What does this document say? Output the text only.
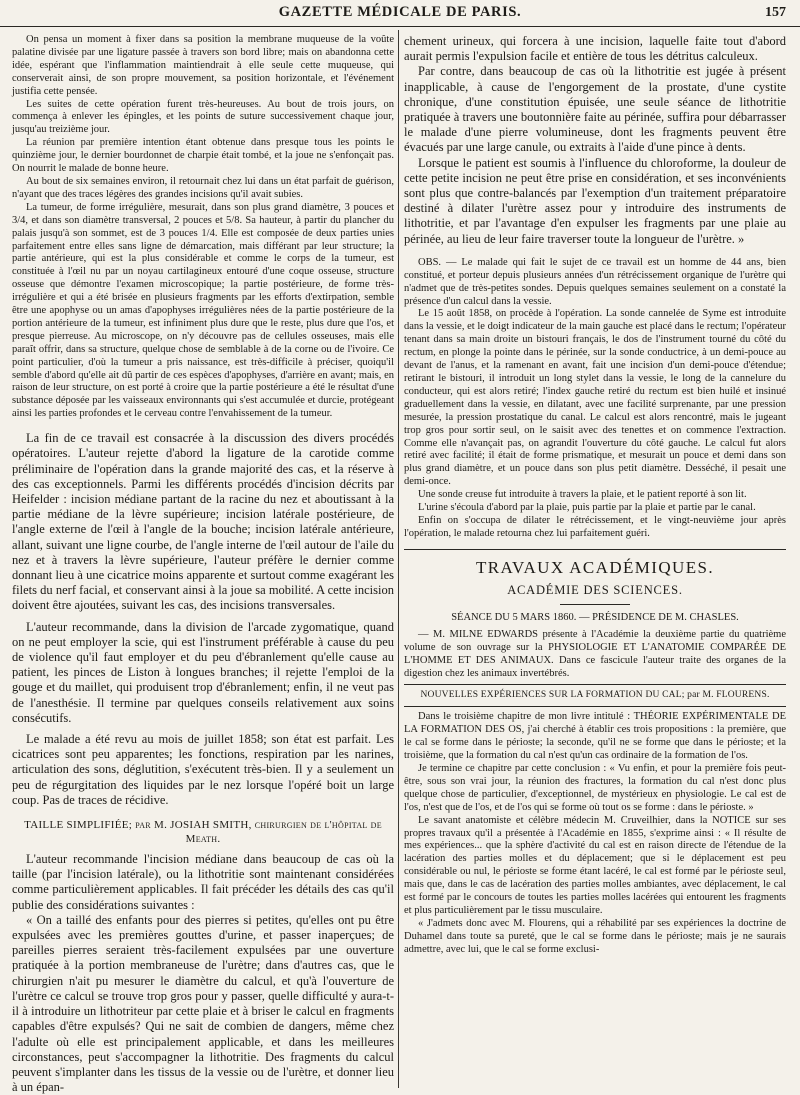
GAZETTE MÉDICALE DE PARIS.	157

On pensa un moment à fixer dans sa position la membrane muqueuse de la voûte palatine divisée par une ligature passée à travers son bord libre; mais on abandonna cette idée, espérant que l'inflammation maintiendrait à elle seule cette muqueuse, qui conserverait ainsi, de son propre mouvement, sa position horizontale, et l'événement justifia cette pensée.

Les suites de cette opération furent très-heureuses. Au bout de trois jours, on commença à enlever les épingles, et les points de suture successivement chaque jour, jusqu'au treizième jour.

La réunion par première intention étant obtenue dans presque tous les points le quinzième jour, le dernier bourdonnet de charpie était tombé, et la joue ne s'enfonçait pas. On nourrit le malade de bonne heure.

Au bout de six semaines environ, il retournait chez lui dans un état parfait de guérison, n'ayant que des traces légères des grandes incisions qu'il avait subies.

La tumeur, de forme irrégulière, mesurait, dans son plus grand diamètre, 3 pouces et 3/4, et dans son diamètre transversal, 2 pouces et 5/8. Sa hauteur, à partir du plancher du palais jusqu'à son sommet, est de 3 pouces 1/4. Elle est composée de deux parties unies parfaitement entre elles sans ligne de démarcation, mais différant par leur structure; la partie antérieure, qui est la plus considérable et comme le corps de la tumeur, est constituée à l'œil nu par un noyau cartilagineux entouré d'une coque osseuse, structure osseuse que démontre l'examen microscopique; la partie postérieure, de forme très-irrégulière et qui a été brisée en plusieurs fragments par les efforts d'extirpation, semble être une apophyse ou un amas d'apophyses irrégulières nées de la partie postérieure de la portion antérieure de la tumeur, est infiniment plus dure que le reste, plus dure que l'os, et presque pierreuse. Au microscope, on n'y découvre pas de cellules osseuses, mais elle paraît offrir, dans sa structure, quelque chose de semblable à de la corne ou de l'ivoire. Ce point particulier, d'où la tumeur a pris naissance, est très-difficile à préciser, quoiqu'il semble d'abord qu'elle ait dû partir de ces espèces d'apophyses, d'arrière en avant; mais, en raison de leur structure, on est porté à croire que la partie postérieure a été le résultat d'une substance déposée par les vaisseaux environnants qui s'est accumulée et durcie, protégeant ainsi les parties profondes et le cerveau contre l'envahissement de la tumeur.

La fin de ce travail est consacrée à la discussion des divers procédés opératoires. L'auteur rejette d'abord la ligature de la carotide comme préliminaire de l'opération dans la grande majorité des cas, et la réserve à des cas exceptionnels. Parmi les différents procédés d'incision décrits par Heifelder : incision médiane partant de la racine du nez et aboutissant à la partie médiane de la lèvre supérieure; incision latérale postérieure, de l'angle externe de l'œil à l'angle de la bouche; incision latérale antérieure, allant, suivant une ligne courbe, de l'angle interne de l'œil autour de l'aile du nez et à travers la lèvre supérieure, l'auteur préfère le dernier comme donnant lieu à une cicatrice moins apparente et surtout comme exagérant les filets du nerf facial, et conservant ainsi à la joue sa mobilité. A cette incision doivent être ajoutées, suivant les cas, des incisions transversales.

L'auteur recommande, dans la division de l'arcade zygomatique, quand on ne peut employer la scie, qui est l'instrument préférable à cause du peu de violence qu'il faut employer et du peu d'ébranlement qu'elle cause au patient, les pinces de Liston à longues branches; il rejette l'emploi de la gouge et du maillet, qui produisent trop d'ébranlement; enfin, il ne veut pas de l'anesthésie. Il termine par quelques conseils relativement aux soins consécutifs.

Le malade a été revu au mois de juillet 1858; son état est parfait. Les cicatrices sont peu apparentes; les fonctions, respiration par les narines, articulation des sons, déglutition, s'exécutent très-bien. Il y a seulement un peu de régurgitation des liquides par le nez lorsque l'opéré boit un large coup. Pas de traces de récidive.

TAILLE SIMPLIFIÉE; par M. JOSIAH SMITH, chirurgien de l'hôpital de Meath.

L'auteur recommande l'incision médiane dans beaucoup de cas où la taille (par l'incision latérale), ou la lithotritie sont maintenant considérées comme particulièrement applicables. Il fait précéder les détails des cas qu'il publie des considérations suivantes :

« On a taillé des enfants pour des pierres si petites, qu'elles ont pu être expulsées avec les premières gouttes d'urine, et passer inaperçues; de pareilles pierres seraient très-facilement expulsées par une ouverture pratiquée à la portion membraneuse de l'urètre; dans d'autres cas, que le chirurgien n'ait pu mesurer le diamètre du calcul, et qu'à l'ouverture de l'urètre ce calcul se trouve trop gros pour y passer, quelle difficulté y aura-t-il à introduire un lithotriteur par cette plaie et à briser le calcul en fragments capables d'être expulsés? Qui ne sait de combien de dangers, même chez l'adulte où elle est principalement applicable, et dans les meilleures circonstances, peut s'accompagner la lithotritie. Des fragments du calcul peuvent s'implanter dans les tissus de la vessie ou de l'urètre, et donner lieu à un épan-

chement urineux, qui forcera à une incision, laquelle faite tout d'abord aurait permis l'expulsion facile et entière de tous les détritus calculeux.

Par contre, dans beaucoup de cas où la lithotritie est jugée à présent inapplicable, à cause de l'engorgement de la prostate, d'une cystite chronique, d'une constitution épuisée, une seule séance de lithotritie pratiquée à travers une boutonnière faite au périnée, suffira pour débarrasser le malade d'une pierre volumineuse, dont les fragments peuvent être évacués par une large canule, ou extraits à l'aide d'une pince à dents.

Lorsque le patient est soumis à l'influence du chloroforme, la douleur de cette petite incision ne peut être prise en considération, et ses inconvénients sont plus que contre-balancés par l'exemption d'un traitement préparatoire destiné à dilater l'urètre assez pour y introduire des instruments de lithotritie, et par l'avantage d'en expulser les fragments par une plaie au périnée, au lieu de leur faire traverser toute la longueur de l'urètre. »

OBS. — Le malade qui fait le sujet de ce travail est un homme de 44 ans, bien constitué, et porteur depuis plusieurs années d'un rétrécissement organique de l'urètre qui n'admet que de très-petites sondes. Depuis quelques semaines seulement on a constaté la présence d'un calcul dans la vessie.

Le 15 août 1858, on procède à l'opération. La sonde cannelée de Syme est introduite dans la vessie, et le doigt indicateur de la main gauche est placé dans le rectum; l'opérateur tenant dans sa main droite un bistouri français, le dos de l'instrument tourné du côté du rectum, en plonge la pointe dans le périnée, sur la sonde conductrice, à un demi-pouce au devant de l'anus, et la ramenant en avant, fait une incision d'un demi-pouce d'étendue; retirant le bistouri, il introduit un long stylet dans la vessie, le long de la cannelure du conducteur, qui est alors retiré; l'index gauche retiré du rectum est bien huilé et insinué graduellement dans la vessie, en dilatant, avec une facilité surprenante, par une pression mesurée, la pression prostatique du canal. Le calcul est alors rencontré, mais le jugeant trop gros pour sortir seul, on le saisit avec des tenettes et on commence l'extraction. Comme elle n'avançait pas, on agrandit l'ouverture du côté gauche. Le calcul fut alors retiré avec facilité; il était de forme prismatique, et mesurait un pouce et demi dans son plus grand diamètre, et un pouce dans son plus petit diamètre. Desséché, il pesait une demi-once.

Une sonde creuse fut introduite à travers la plaie, et le patient reporté à son lit.

L'urine s'écoula d'abord par la plaie, puis partie par la plaie et partie par le canal.

Enfin on s'occupa de dilater le rétrécissement, et le vingt-neuvième jour après l'opération, le malade retourna chez lui parfaitement guéri.

TRAVAUX ACADÉMIQUES.
ACADÉMIE DES SCIENCES.
SÉANCE DU 5 MARS 1860. — PRÉSIDENCE DE M. CHASLES.

— M. MILNE EDWARDS présente à l'Académie la deuxième partie du quatrième volume de son ouvrage sur la PHYSIOLOGIE ET L'ANATOMIE COMPARÉE DE L'HOMME ET DES ANIMAUX. Dans ce fascicule l'auteur traite des organes de la digestion chez les animaux invertébrés.

NOUVELLES EXPÉRIENCES SUR LA FORMATION DU CAL; par M. FLOURENS.

Dans le troisième chapitre de mon livre intitulé : THÉORIE EXPÉRIMENTALE DE LA FORMATION DES OS, j'ai cherché à établir ces trois propositions : la première, que le cal se forme dans le périoste; la seconde, qu'il ne se forme que dans le périoste; et la troisième, que la formation du cal n'est qu'un cas ordinaire de la formation de l'os.

Je termine ce chapitre par cette conclusion : « Vu enfin, et pour la première fois peut-être, sous son vrai jour, la réunion des fractures, la formation du cal n'est donc plus quelque chose de particulier, d'exceptionnel, de mystérieux en physiologie. Le cal est de l'os, n'est que de l'os, et de l'os qui se forme où tout os se forme : dans le périoste. »

Le savant anatomiste et célèbre médecin M. Cruveilhier, dans la NOTICE sur ses propres travaux qu'il a présentée à l'Académie en 1855, s'exprime ainsi : « Il résulte de mes expériences... que la sphère d'activité du cal est en raison directe de l'étendue de la lacération des parties molles et du déplacement; que si le déplacement est peu considérable ou nul, le périoste se forme étant lacéré, le cal est formé par le périoste seul, mais que, dans le cas de lacération des parties molles ambiantes, avec déplacement, le cal est formé par le concours de toutes les parties molles lacérées qui entourent les fragments et plus particulièrement par le tissu musculaire.

« J'admets donc avec M. Flourens, qui a réhabilité par ses expériences la doctrine de Duhamel dans toute sa pureté, que le cal se forme dans le périoste; mais je ne saurais admettre, avec lui, que le cal se forme exclusi-
